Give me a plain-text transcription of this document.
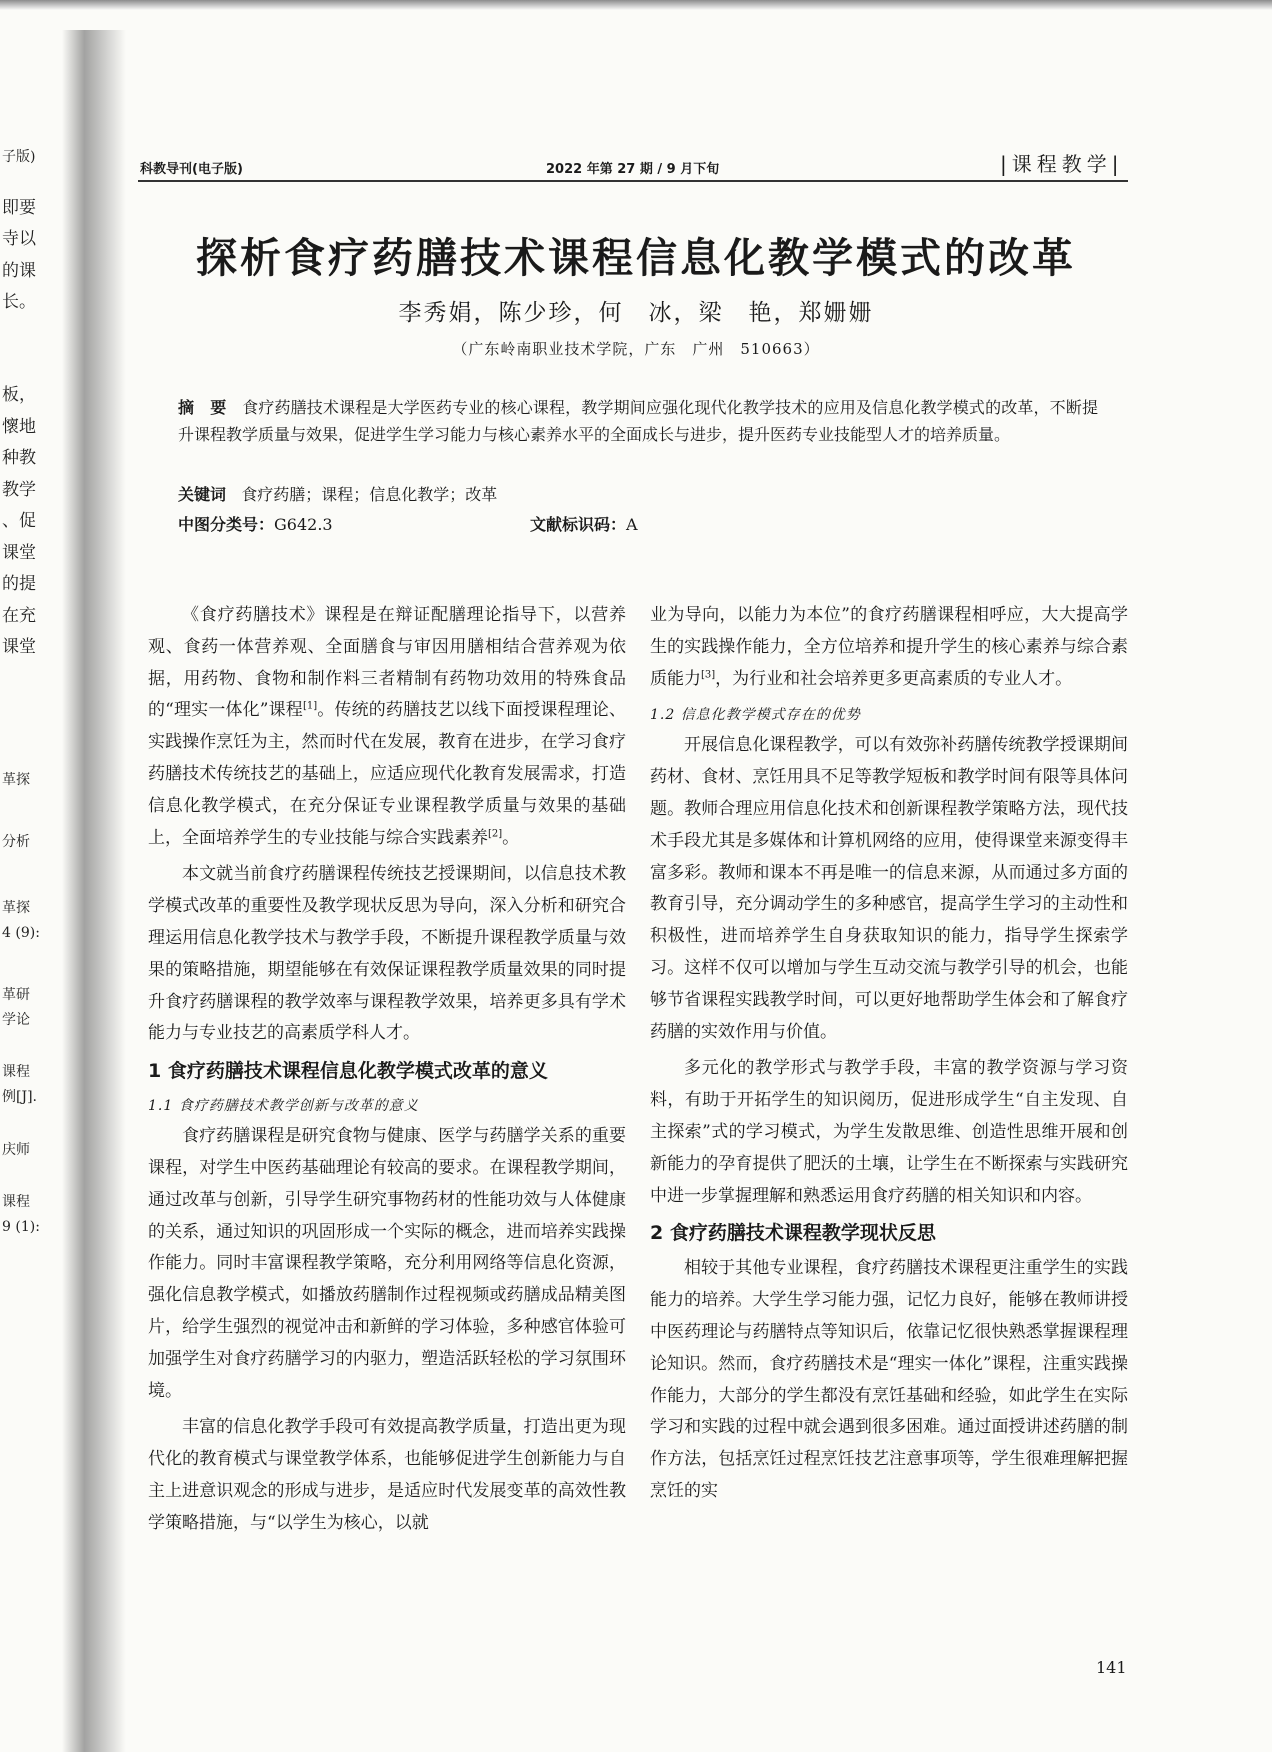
子版)
即要
寺以
的课
长。
板，
懷地
种教
教学
、促
课堂
的提
在充
课堂
革探
分析
革探
4 (9):
革研
学论
课程
例[J].
庆师
课程
9 (1):
科教导刊(电子版)	2022 年第 27 期 / 9 月下旬	|课程教学|
探析食疗药膳技术课程信息化教学模式的改革
李秀娟，陈少珍，何　冰，梁　艳，郑姗姗
（广东岭南职业技术学院，广东　广州　510663）
摘　要 食疗药膳技术课程是大学医药专业的核心课程，教学期间应强化现代化教学技术的应用及信息化教学模式的改革，不断提升课程教学质量与效果，促进学生学习能力与核心素养水平的全面成长与进步，提升医药专业技能型人才的培养质量。
关键词 食疗药膳；课程；信息化教学；改革
中图分类号：G642.3	文献标识码：A

《食疗药膳技术》课程是在辩证配膳理论指导下，以营养观、食药一体营养观、全面膳食与审因用膳相结合营养观为依据，用药物、食物和制作料三者精制有药物功效用的特殊食品的“理实一体化”课程[1]。传统的药膳技艺以线下面授课程理论、实践操作烹饪为主，然而时代在发展，教育在进步，在学习食疗药膳技术传统技艺的基础上，应适应现代化教育发展需求，打造信息化教学模式，在充分保证专业课程教学质量与效果的基础上，全面培养学生的专业技能与综合实践素养[2]。

本文就当前食疗药膳课程传统技艺授课期间，以信息技术教学模式改革的重要性及教学现状反思为导向，深入分析和研究合理运用信息化教学技术与教学手段，不断提升课程教学质量与效果的策略措施，期望能够在有效保证课程教学质量效果的同时提升食疗药膳课程的教学效率与课程教学效果，培养更多具有学术能力与专业技艺的高素质学科人才。

1 食疗药膳技术课程信息化教学模式改革的意义
1.1 食疗药膳技术教学创新与改革的意义

食疗药膳课程是研究食物与健康、医学与药膳学关系的重要课程，对学生中医药基础理论有较高的要求。在课程教学期间，通过改革与创新，引导学生研究事物药材的性能功效与人体健康的关系，通过知识的巩固形成一个实际的概念，进而培养实践操作能力。同时丰富课程教学策略，充分利用网络等信息化资源，强化信息教学模式，如播放药膳制作过程视频或药膳成品精美图片，给学生强烈的视觉冲击和新鲜的学习体验，多种感官体验可加强学生对食疗药膳学习的内驱力，塑造活跃轻松的学习氛围环境。

丰富的信息化教学手段可有效提高教学质量，打造出更为现代化的教育模式与课堂教学体系，也能够促进学生创新能力与自主上进意识观念的形成与进步，是适应时代发展变革的高效性教学策略措施，与“以学生为核心，以就

业为导向，以能力为本位”的食疗药膳课程相呼应，大大提高学生的实践操作能力，全方位培养和提升学生的核心素养与综合素质能力[3]，为行业和社会培养更多更高素质的专业人才。

1.2 信息化教学模式存在的优势

开展信息化课程教学，可以有效弥补药膳传统教学授课期间药材、食材、烹饪用具不足等教学短板和教学时间有限等具体问题。教师合理应用信息化技术和创新课程教学策略方法，现代技术手段尤其是多媒体和计算机网络的应用，使得课堂来源变得丰富多彩。教师和课本不再是唯一的信息来源，从而通过多方面的教育引导，充分调动学生的多种感官，提高学生学习的主动性和积极性，进而培养学生自身获取知识的能力，指导学生探索学习。这样不仅可以增加与学生互动交流与教学引导的机会，也能够节省课程实践教学时间，可以更好地帮助学生体会和了解食疗药膳的实效作用与价值。

多元化的教学形式与教学手段，丰富的教学资源与学习资料，有助于开拓学生的知识阅历，促进形成学生“自主发现、自主探索”式的学习模式，为学生发散思维、创造性思维开展和创新能力的孕育提供了肥沃的土壤，让学生在不断探索与实践研究中进一步掌握理解和熟悉运用食疗药膳的相关知识和内容。

2 食疗药膳技术课程教学现状反思

相较于其他专业课程，食疗药膳技术课程更注重学生的实践能力的培养。大学生学习能力强，记忆力良好，能够在教师讲授中医药理论与药膳特点等知识后，依靠记忆很快熟悉掌握课程理论知识。然而，食疗药膳技术是“理实一体化”课程，注重实践操作能力，大部分的学生都没有烹饪基础和经验，如此学生在实际学习和实践的过程中就会遇到很多困难。通过面授讲述药膳的制作方法，包括烹饪过程烹饪技艺注意事项等，学生很难理解把握烹饪的实

141
